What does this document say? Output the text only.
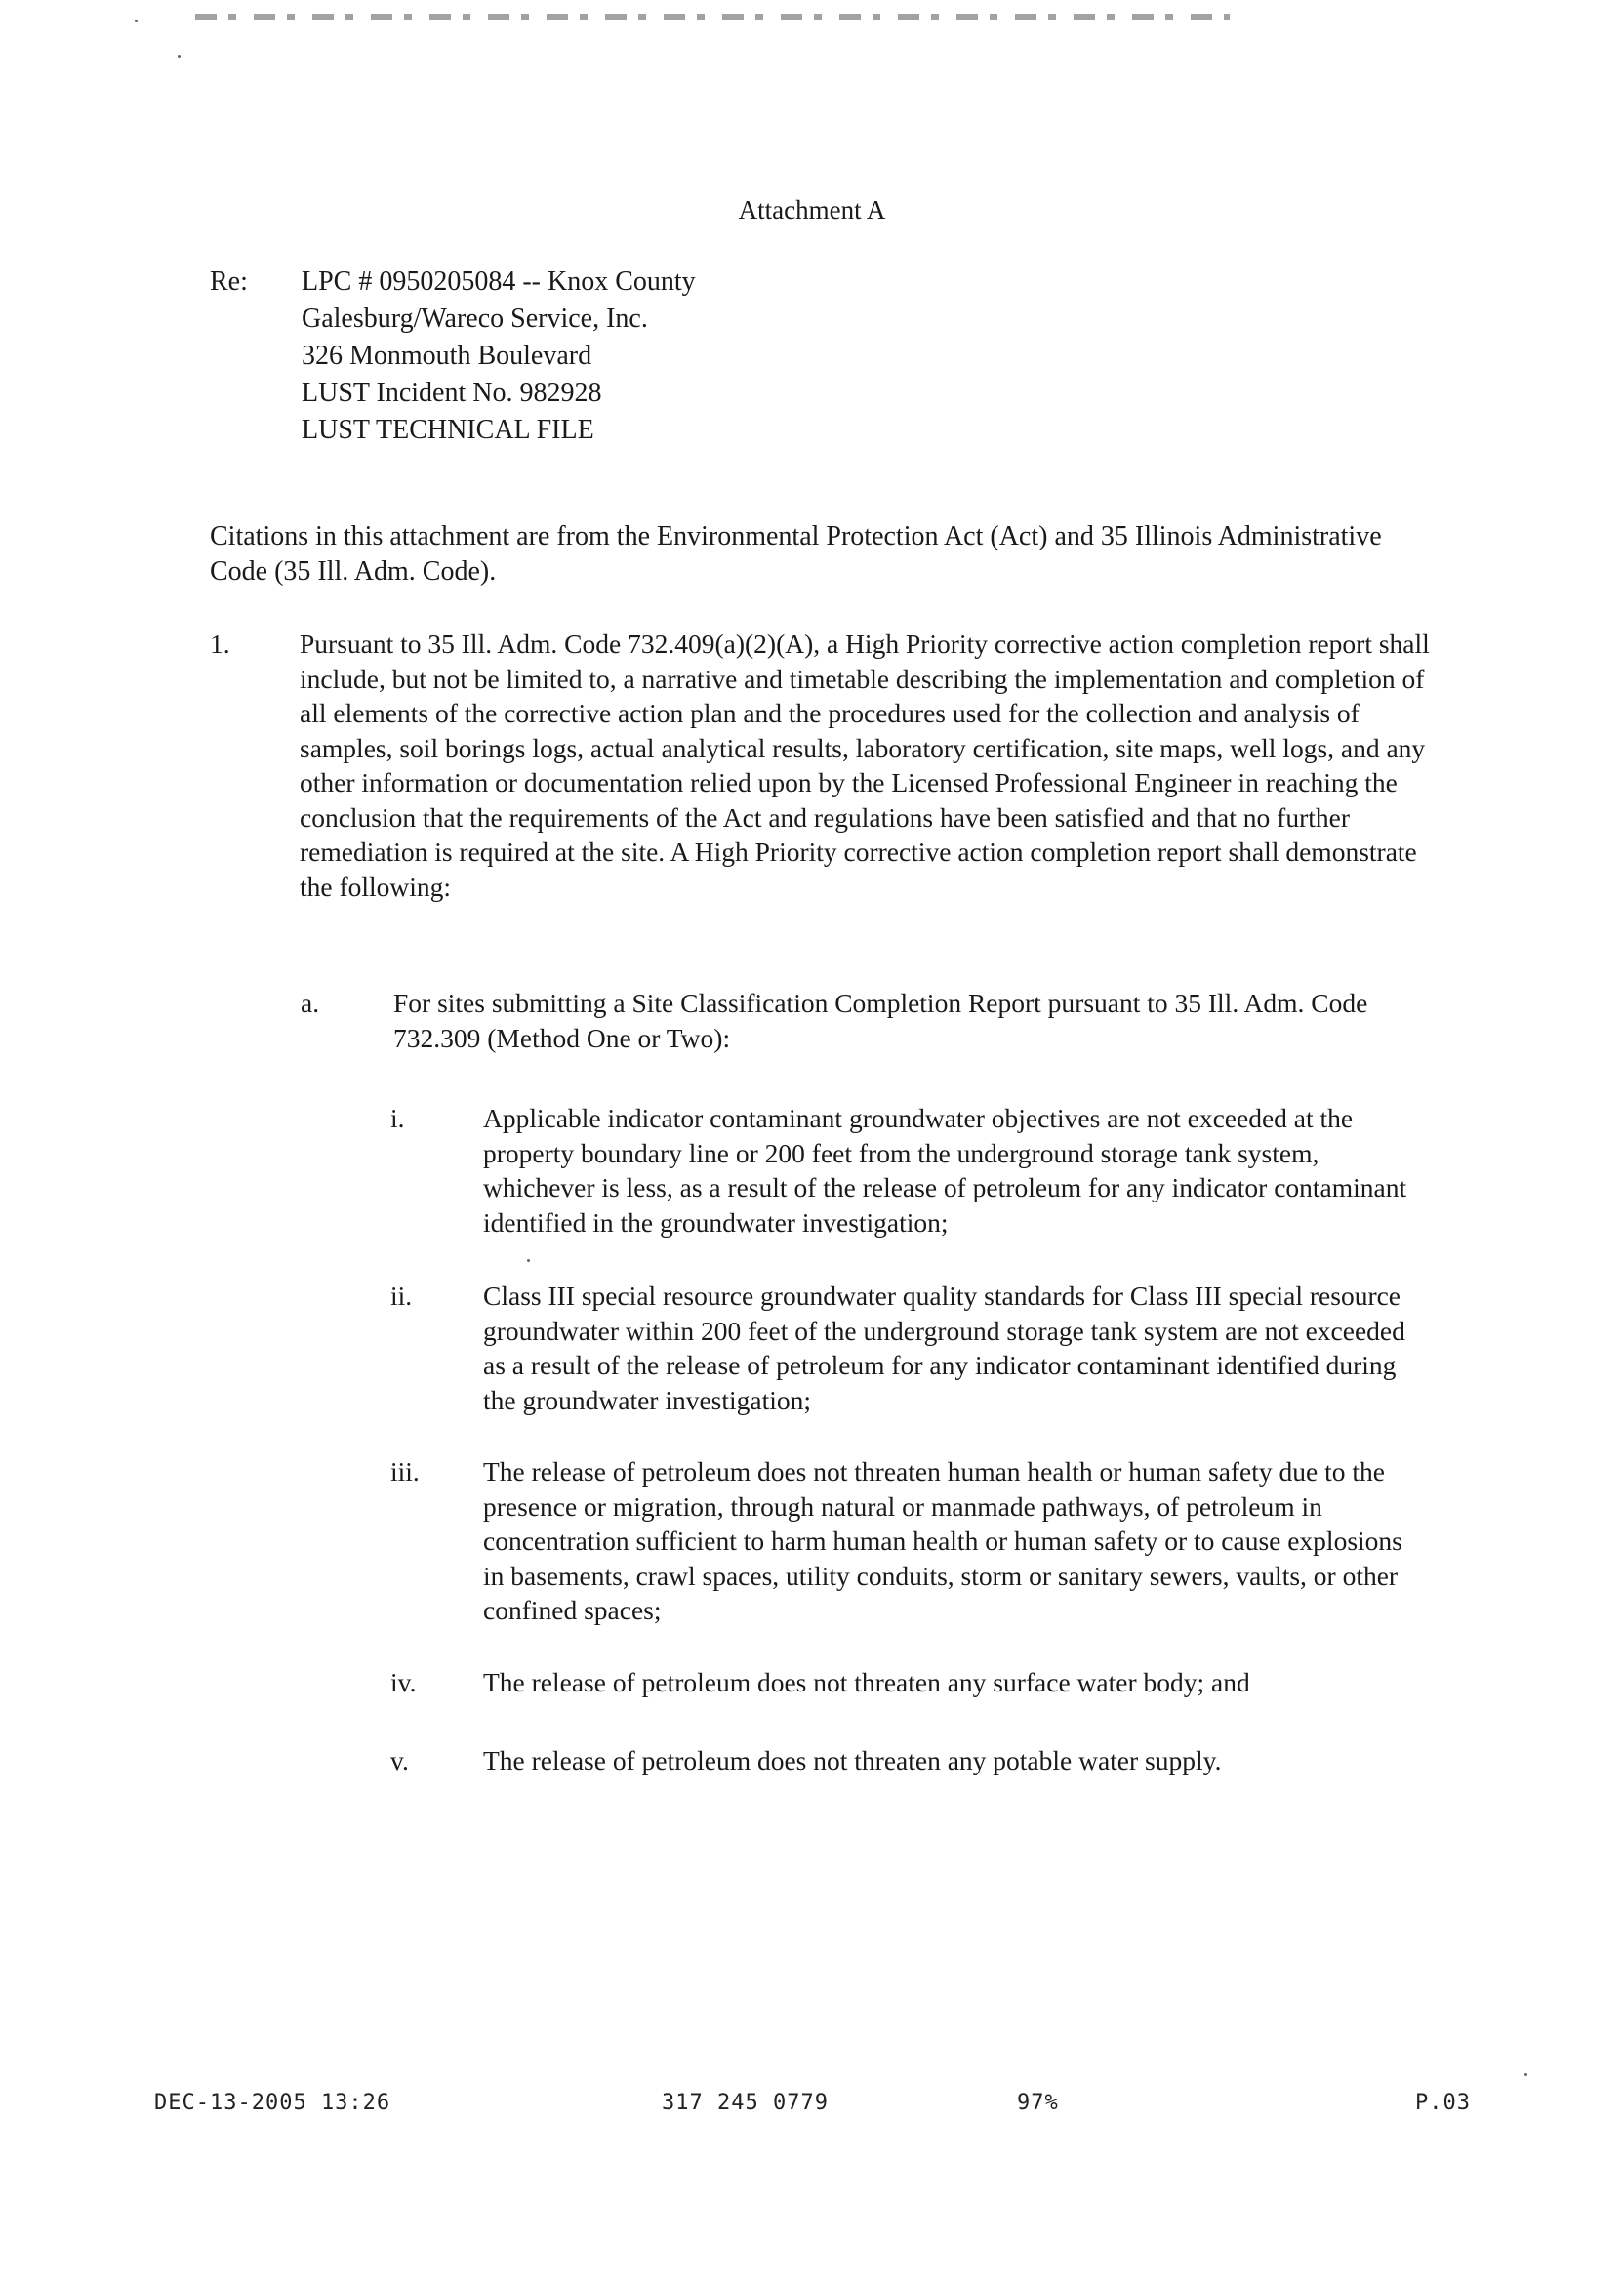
Attachment A
Re:	LPC # 0950205084 -- Knox County
Galesburg/Wareco Service, Inc.
326 Monmouth Boulevard
LUST Incident No. 982928
LUST TECHNICAL FILE
Citations in this attachment are from the Environmental Protection Act (Act) and 35 Illinois Administrative Code (35 Ill. Adm. Code).
1.	Pursuant to 35 Ill. Adm. Code 732.409(a)(2)(A), a High Priority corrective action completion report shall include, but not be limited to, a narrative and timetable describing the implementation and completion of all elements of the corrective action plan and the procedures used for the collection and analysis of samples, soil borings logs, actual analytical results, laboratory certification, site maps, well logs, and any other information or documentation relied upon by the Licensed Professional Engineer in reaching the conclusion that the requirements of the Act and regulations have been satisfied and that no further remediation is required at the site. A High Priority corrective action completion report shall demonstrate the following:
a.	For sites submitting a Site Classification Completion Report pursuant to 35 Ill. Adm. Code 732.309 (Method One or Two):
i.	Applicable indicator contaminant groundwater objectives are not exceeded at the property boundary line or 200 feet from the underground storage tank system, whichever is less, as a result of the release of petroleum for any indicator contaminant identified in the groundwater investigation;
ii.	Class III special resource groundwater quality standards for Class III special resource groundwater within 200 feet of the underground storage tank system are not exceeded as a result of the release of petroleum for any indicator contaminant identified during the groundwater investigation;
iii. The release of petroleum does not threaten human health or human safety due to the presence or migration, through natural or manmade pathways, of petroleum in concentration sufficient to harm human health or human safety or to cause explosions in basements, crawl spaces, utility conduits, storm or sanitary sewers, vaults, or other confined spaces;
iv. The release of petroleum does not threaten any surface water body; and
v.	The release of petroleum does not threaten any potable water supply.
DEC-13-2005 13:26	317 245 0779	97%	P.03
